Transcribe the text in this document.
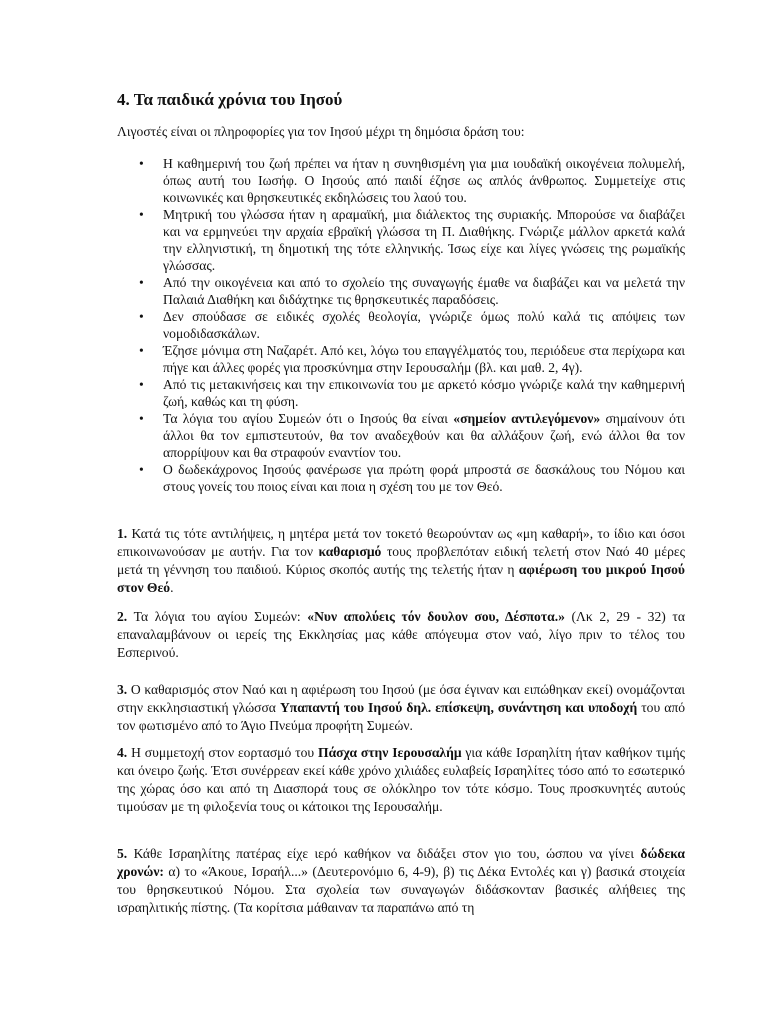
4. Τα παιδικά χρόνια του Ιησού

Λιγοστές είναι οι πληροφορίες για τον Ιησού μέχρι τη δημόσια δράση του:

• Η καθημερινή του ζωή πρέπει να ήταν η συνηθισμένη για μια ιουδαϊκή οικογένεια πολυμελή, όπως αυτή του Ιωσήφ. Ο Ιησούς από παιδί έζησε ως απλός άνθρωπος. Συμμετείχε στις κοινωνικές και θρησκευτικές εκδηλώσεις του λαού του.
• Μητρική του γλώσσα ήταν η αραμαϊκή, μια διάλεκτος της συριακής. Μπορούσε να διαβάζει και να ερμηνεύει την αρχαία εβραϊκή γλώσσα τη Π. Διαθήκης. Γνώριζε μάλλον αρκετά καλά την ελληνιστική, τη δημοτική της τότε ελληνικής. Ίσως είχε και λίγες γνώσεις της ρωμαϊκής γλώσσας.
• Από την οικογένεια και από το σχολείο της συναγωγής έμαθε να διαβάζει και να μελετά την Παλαιά Διαθήκη και διδάχτηκε τις θρησκευτικές παραδόσεις.
• Δεν σπούδασε σε ειδικές σχολές θεολογία, γνώριζε όμως πολύ καλά τις απόψεις των νομοδιδασκάλων.
• Έζησε μόνιμα στη Ναζαρέτ. Από κει, λόγω του επαγγέλματός του, περιόδευε στα περίχωρα και πήγε και άλλες φορές για προσκύνημα στην Ιερουσαλήμ (βλ. και μαθ. 2, 4γ).
• Από τις μετακινήσεις και την επικοινωνία του με αρκετό κόσμο γνώριζε καλά την καθημερινή ζωή, καθώς και τη φύση.
• Τα λόγια του αγίου Συμεών ότι ο Ιησούς θα είναι «σημείον αντιλεγόμενον» σημαίνουν ότι άλλοι θα τον εμπιστευτούν, θα τον αναδεχθούν και θα αλλάξουν ζωή, ενώ άλλοι θα τον απορρίψουν και θα στραφούν εναντίον του.
• Ο δωδεκάχρονος Ιησούς φανέρωσε για πρώτη φορά μπροστά σε δασκάλους του Νόμου και στους γονείς του ποιος είναι και ποια η σχέση του με τον Θεό.

1. Κατά τις τότε αντιλήψεις, η μητέρα μετά τον τοκετό θεωρούνταν ως «μη καθαρή», το ίδιο και όσοι επικοινωνούσαν με αυτήν. Για τον καθαρισμό τους προβλεπόταν ειδική τελετή στον Ναό 40 μέρες μετά τη γέννηση του παιδιού. Κύριος σκοπός αυτής της τελετής ήταν η αφιέρωση του μικρού Ιησού στον Θεό.

2. Τα λόγια του αγίου Συμεών: «Νυν απολύεις τόν δουλον σου, Δέσποτα.» (Λκ 2, 29 - 32) τα επαναλαμβάνουν οι ιερείς της Εκκλησίας μας κάθε απόγευμα στον ναό, λίγο πριν το τέλος του Εσπερινού.

3. Ο καθαρισμός στον Ναό και η αφιέρωση του Ιησού (με όσα έγιναν και ειπώθηκαν εκεί) ονομάζονται στην εκκλησιαστική γλώσσα Υπαπαντή του Ιησού δηλ. επίσκεψη, συνάντηση και υποδοχή του από τον φωτισμένο από το Άγιο Πνεύμα προφήτη Συμεών.

4. Η συμμετοχή στον εορτασμό του Πάσχα στην Ιερουσαλήμ για κάθε Ισραηλίτη ήταν καθήκον τιμής και όνειρο ζωής. Έτσι συνέρρεαν εκεί κάθε χρόνο χιλιάδες ευλαβείς Ισραηλίτες τόσο από το εσωτερικό της χώρας όσο και από τη Διασπορά τους σε ολόκληρο τον τότε κόσμο. Τους προσκυνητές αυτούς τιμούσαν με τη φιλοξενία τους οι κάτοικοι της Ιερουσαλήμ.

5. Κάθε Ισραηλίτης πατέρας είχε ιερό καθήκον να διδάξει στον γιο του, ώσπου να γίνει δώδεκα χρονών: α) το «Άκουε, Ισραήλ...» (Δευτερονόμιο 6, 4-9), β) τις Δέκα Εντολές και γ) βασικά στοιχεία του θρησκευτικού Νόμου. Στα σχολεία των συναγωγών διδάσκονταν βασικές αλήθειες της ισραηλιτικής πίστης. (Τα κορίτσια μάθαιναν τα παραπάνω από τη
